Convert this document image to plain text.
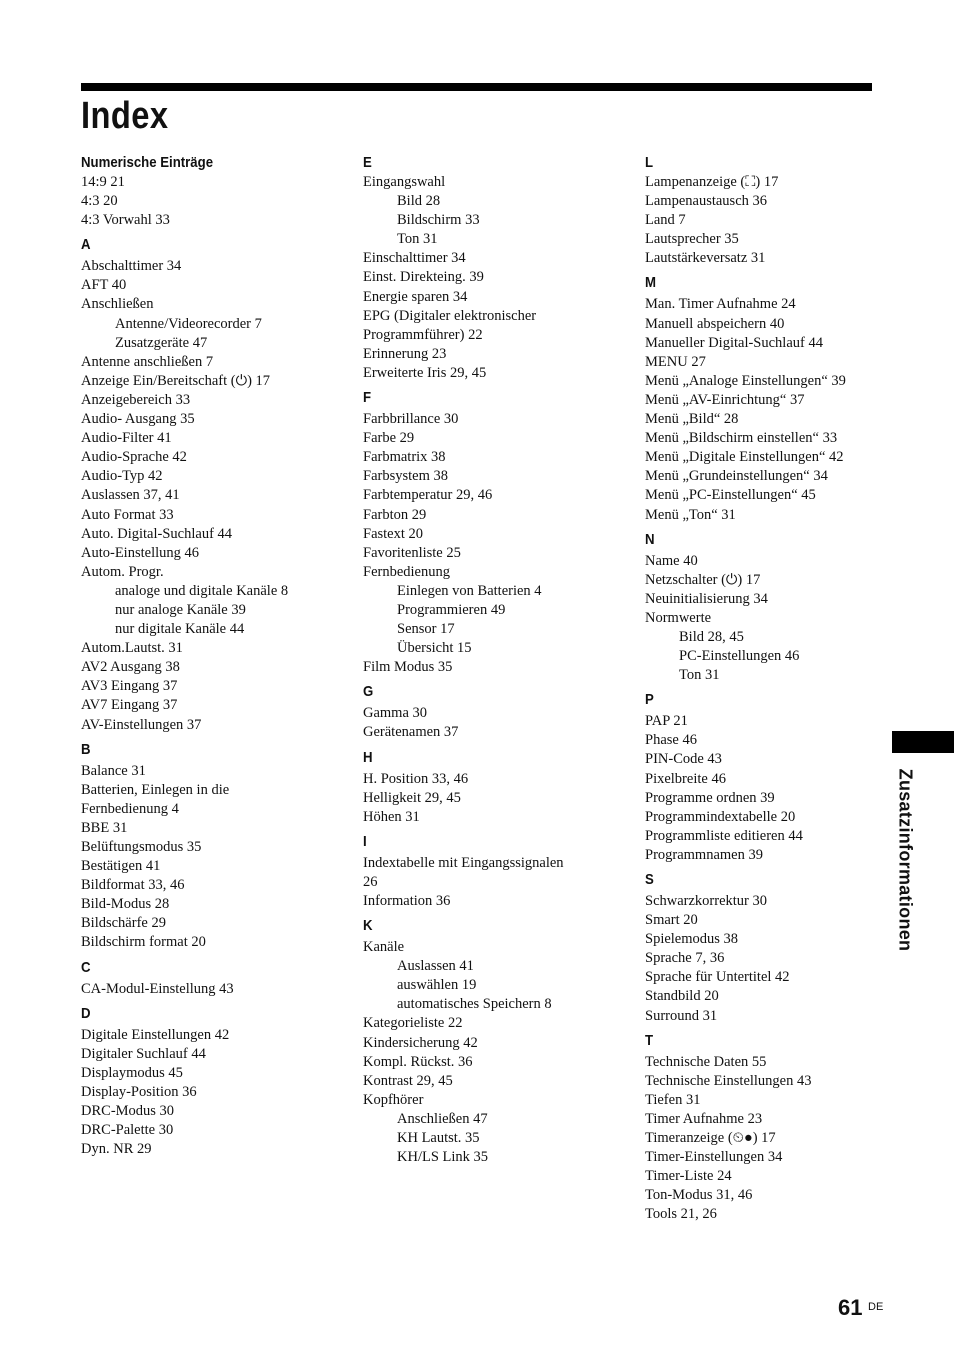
Index
Numerische Einträge
14:9 21
4:3 20
4:3 Vorwahl 33
A
Abschalttimer 34
AFT 40
Anschließen
Antenne/Videorecorder 7
Zusatzgeräte 47
Antenne anschließen 7
Anzeige Ein/Bereitschaft (⏻) 17
Anzeigebereich 33
Audio- Ausgang 35
Audio-Filter 41
Audio-Sprache 42
Audio-Typ 42
Auslassen 37, 41
Auto Format 33
Auto. Digital-Suchlauf 44
Auto-Einstellung 46
Autom. Progr.
analoge und digitale Kanäle 8
nur analoge Kanäle 39
nur digitale Kanäle 44
Autom.Lautst. 31
AV2 Ausgang 38
AV3 Eingang 37
AV7 Eingang 37
AV-Einstellungen 37
B
Balance 31
Batterien, Einlegen in die
Fernbedienung 4
BBE 31
Belüftungsmodus 35
Bestätigen 41
Bildformat 33, 46
Bild-Modus 28
Bildschärfe 29
Bildschirm format 20
C
CA-Modul-Einstellung 43
D
Digitale Einstellungen 42
Digitaler Suchlauf 44
Displaymodus 45
Display-Position 36
DRC-Modus 30
DRC-Palette 30
Dyn. NR 29
E
Eingangswahl
Bild 28
Bildschirm 33
Ton 31
Einschalttimer 34
Einst. Direkteing. 39
Energie sparen 34
EPG (Digitaler elektronischer
Programmführer) 22
Erinnerung 23
Erweiterte Iris 29, 45
F
Farbbrillance 30
Farbe 29
Farbmatrix 38
Farbsystem 38
Farbtemperatur 29, 46
Farbton 29
Fastext 20
Favoritenliste 25
Fernbedienung
Einlegen von Batterien 4
Programmieren 49
Sensor 17
Übersicht 15
Film Modus 35
G
Gamma 30
Gerätenamen 37
H
H. Position 33, 46
Helligkeit 29, 45
Höhen 31
I
Indextabelle mit Eingangssignalen
26
Information 36
K
Kanäle
Auslassen 41
auswählen 19
automatisches Speichern 8
Kategorieliste 22
Kindersicherung 42
Kompl. Rückst. 36
Kontrast 29, 45
Kopfhörer
Anschließen 47
KH Lautst. 35
KH/LS Link 35
L
Lampenanzeige (⛶) 17
Lampenaustausch 36
Land 7
Lautsprecher 35
Lautstärkeversatz 31
M
Man. Timer Aufnahme 24
Manuell abspeichern 40
Manueller Digital-Suchlauf 44
MENU 27
Menü „Analoge Einstellungen“ 39
Menü „AV-Einrichtung“ 37
Menü „Bild“ 28
Menü „Bildschirm einstellen“ 33
Menü „Digitale Einstellungen“ 42
Menü „Grundeinstellungen“ 34
Menü „PC-Einstellungen“ 45
Menü „Ton“ 31
N
Name 40
Netzschalter (⏻) 17
Neuinitialisierung 34
Normwerte
Bild 28, 45
PC-Einstellungen 46
Ton 31
P
PAP 21
Phase 46
PIN-Code 43
Pixelbreite 46
Programme ordnen 39
Programmindextabelle 20
Programmliste editieren 44
Programmnamen 39
S
Schwarzkorrektur 30
Smart 20
Spielemodus 38
Sprache 7, 36
Sprache für Untertitel 42
Standbild 20
Surround 31
T
Technische Daten 55
Technische Einstellungen 43
Tiefen 31
Timer Aufnahme 23
Timeranzeige (⏲●) 17
Timer-Einstellungen 34
Timer-Liste 24
Ton-Modus 31, 46
Tools 21, 26
Zusatzinformationen
61 DE
